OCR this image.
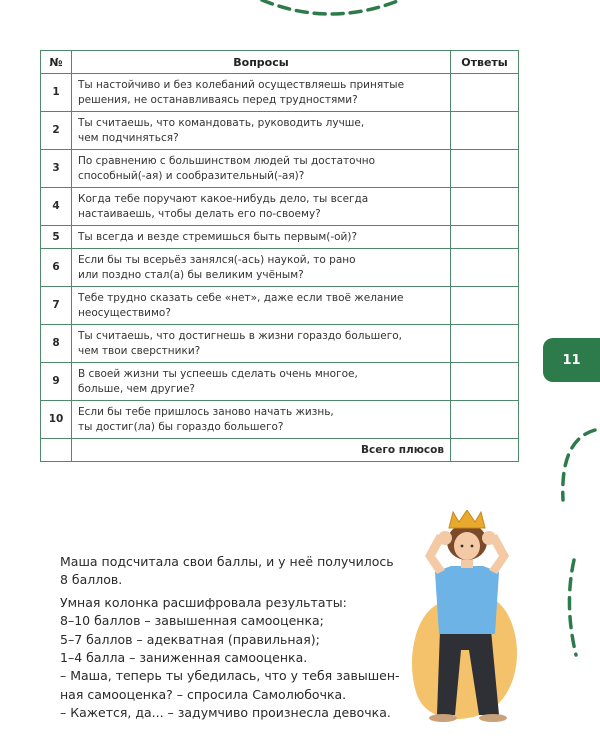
№	Вопросы	Ответы
1	Ты настойчиво и без колебаний осуществляешь принятые
решения, не останавливаясь перед трудностями?	
2	Ты считаешь, что командовать, руководить лучше,
чем подчиняться?	
3	По сравнению с большинством людей ты достаточно
способный(-ая) и сообразительный(-ая)?	
4	Когда тебе поручают какое-нибудь дело, ты всегда
настаиваешь, чтобы делать его по-своему?	
5	Ты всегда и везде стремишься быть первым(-ой)?	
6	Если бы ты всерьёз занялся(-ась) наукой, то рано
или поздно стал(а) бы великим учёным?	
7	Тебе трудно сказать себе «нет», даже если твоё желание
неосуществимо?	
8	Ты считаешь, что достигнешь в жизни гораздо большего,
чем твои сверстники?	
9	В своей жизни ты успеешь сделать очень многое,
больше, чем другие?	
10	Если бы тебе пришлось заново начать жизнь,
ты достиг(ла) бы гораздо большего?	
	Всего плюсов	
11

Маша подсчитала свои баллы, и у неё получилось

8 баллов.

Умная колонка расшифровала результаты:

8–10 баллов – завышенная самооценка;

5–7 баллов – адекватная (правильная);

1–4 балла – заниженная самооценка.

– Маша, теперь ты убедилась, что у тебя завышен-

ная самооценка? – спросила Самолюбочка.

– Кажется, да... – задумчиво произнесла девочка.
